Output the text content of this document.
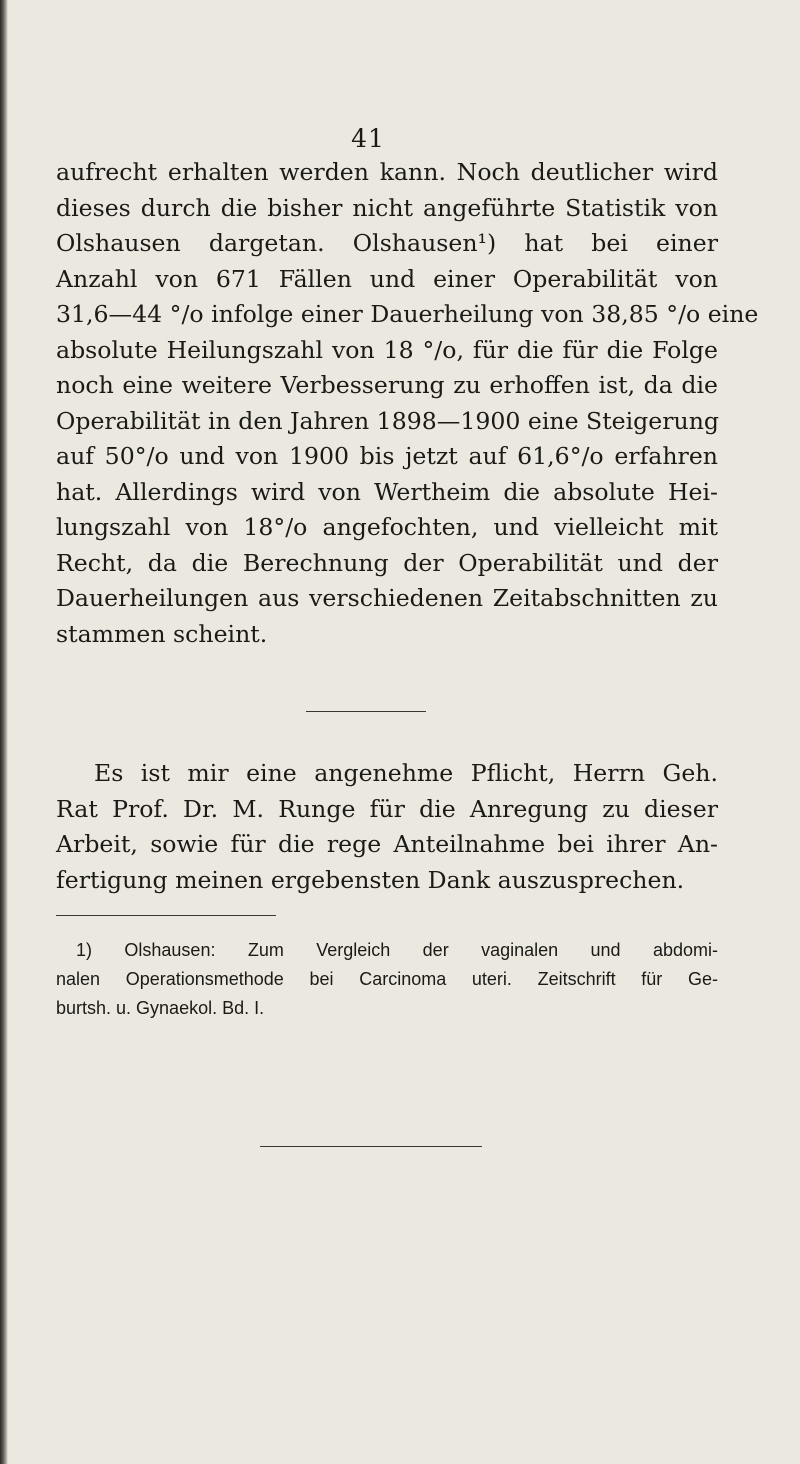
41
aufrecht erhalten werden kann. Noch deutlicher wird
dieses durch die bisher nicht angeführte Statistik von
Olshausen dargetan. Olshausen¹) hat bei einer
Anzahl von 671 Fällen und einer Operabilität von
31,6—44 °/o infolge einer Dauerheilung von 38,85 °/o eine
absolute Heilungszahl von 18 °/o, für die für die Folge
noch eine weitere Verbesserung zu erhoffen ist, da die
Operabilität in den Jahren 1898—1900 eine Steigerung
auf 50°/o und von 1900 bis jetzt auf 61,6°/o erfahren
hat. Allerdings wird von Wertheim die absolute Hei-
lungszahl von 18°/o angefochten, und vielleicht mit
Recht, da die Berechnung der Operabilität und der
Dauerheilungen aus verschiedenen Zeitabschnitten zu
stammen scheint.
Es ist mir eine angenehme Pflicht, Herrn Geh.
Rat Prof. Dr. M. Runge für die Anregung zu dieser
Arbeit, sowie für die rege Anteilnahme bei ihrer An-
fertigung meinen ergebensten Dank auszusprechen.
1) Olshausen: Zum Vergleich der vaginalen und abdomi-
nalen Operationsmethode bei Carcinoma uteri. Zeitschrift für Ge-
burtsh. u. Gynaekol. Bd. I.
